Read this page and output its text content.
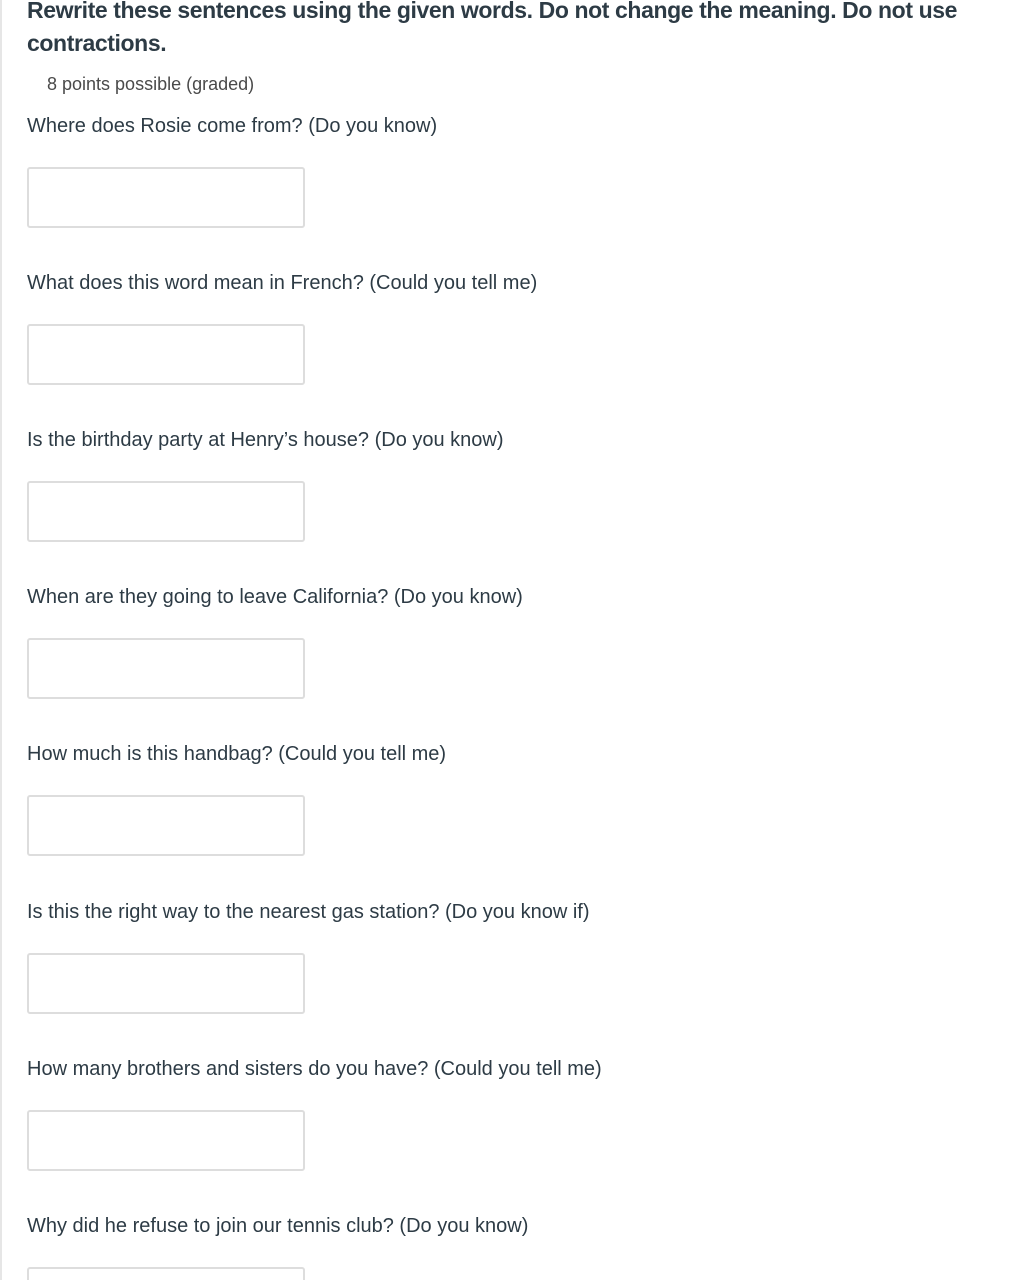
Rewrite these sentences using the given words. Do not change the meaning. Do not use contractions.

8 points possible (graded)

Where does Rosie come from? (Do you know)

What does this word mean in French? (Could you tell me)

Is the birthday party at Henry’s house? (Do you know)

When are they going to leave California? (Do you know)

How much is this handbag? (Could you tell me)

Is this the right way to the nearest gas station? (Do you know if)

How many brothers and sisters do you have? (Could you tell me)

Why did he refuse to join our tennis club? (Do you know)
